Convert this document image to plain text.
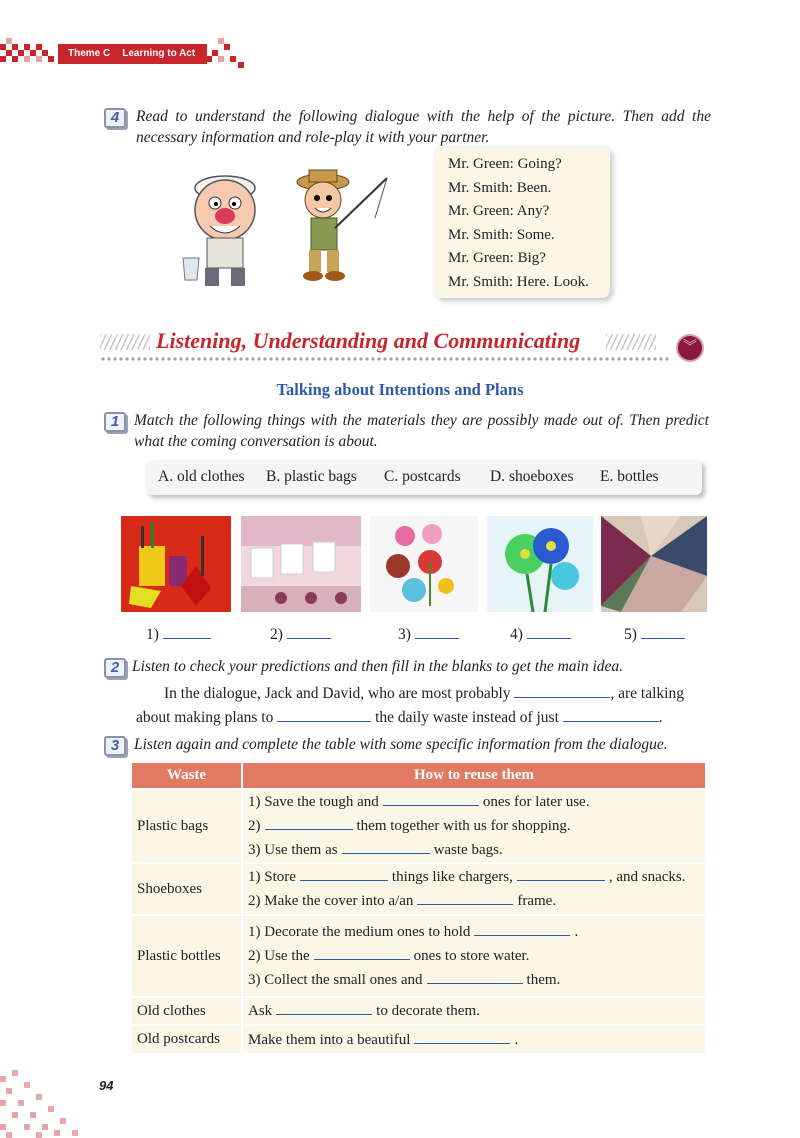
Theme C Learning to Act
4	Read to understand the following dialogue with the help of the picture. Then add the
necessary information and role-play it with your partner.
Mr. Green: Going?
Mr. Smith: Been.
Mr. Green: Any?
Mr. Smith: Some.
Mr. Green: Big?
Mr. Smith: Here. Look.
Listening, Understanding and Communicating	︾
Talking about Intentions and Plans
1 Match the following things with the materials they are possibly made out of. Then predict
what the coming conversation is about.
A. old clothes B. plastic bags C. postcards D. shoeboxes E. bottles
1)	2)	3)	4)	5)
2 Listen to check your predictions and then fill in the blanks to get the main idea.
In the dialogue, Jack and David, who are most probably	, are talking
about making plans to	the daily waste instead of just	.
3 Listen again and complete the table with some specific information from the dialogue.
Waste	How to reuse them
Plastic bags	1) Save the tough and ones for later use.
2) them together with us for shopping.
3) Use them as waste bags.

Shoeboxes	1) Store things like chargers, , and snacks.
2) Make the cover into a/an frame.

Plastic bottles	1) Decorate the medium ones to hold .
2) Use the ones to store water.
3) Collect the small ones and them.

Old clothes	Ask to decorate them.

Old postcards	Make them into a beautiful .
94
